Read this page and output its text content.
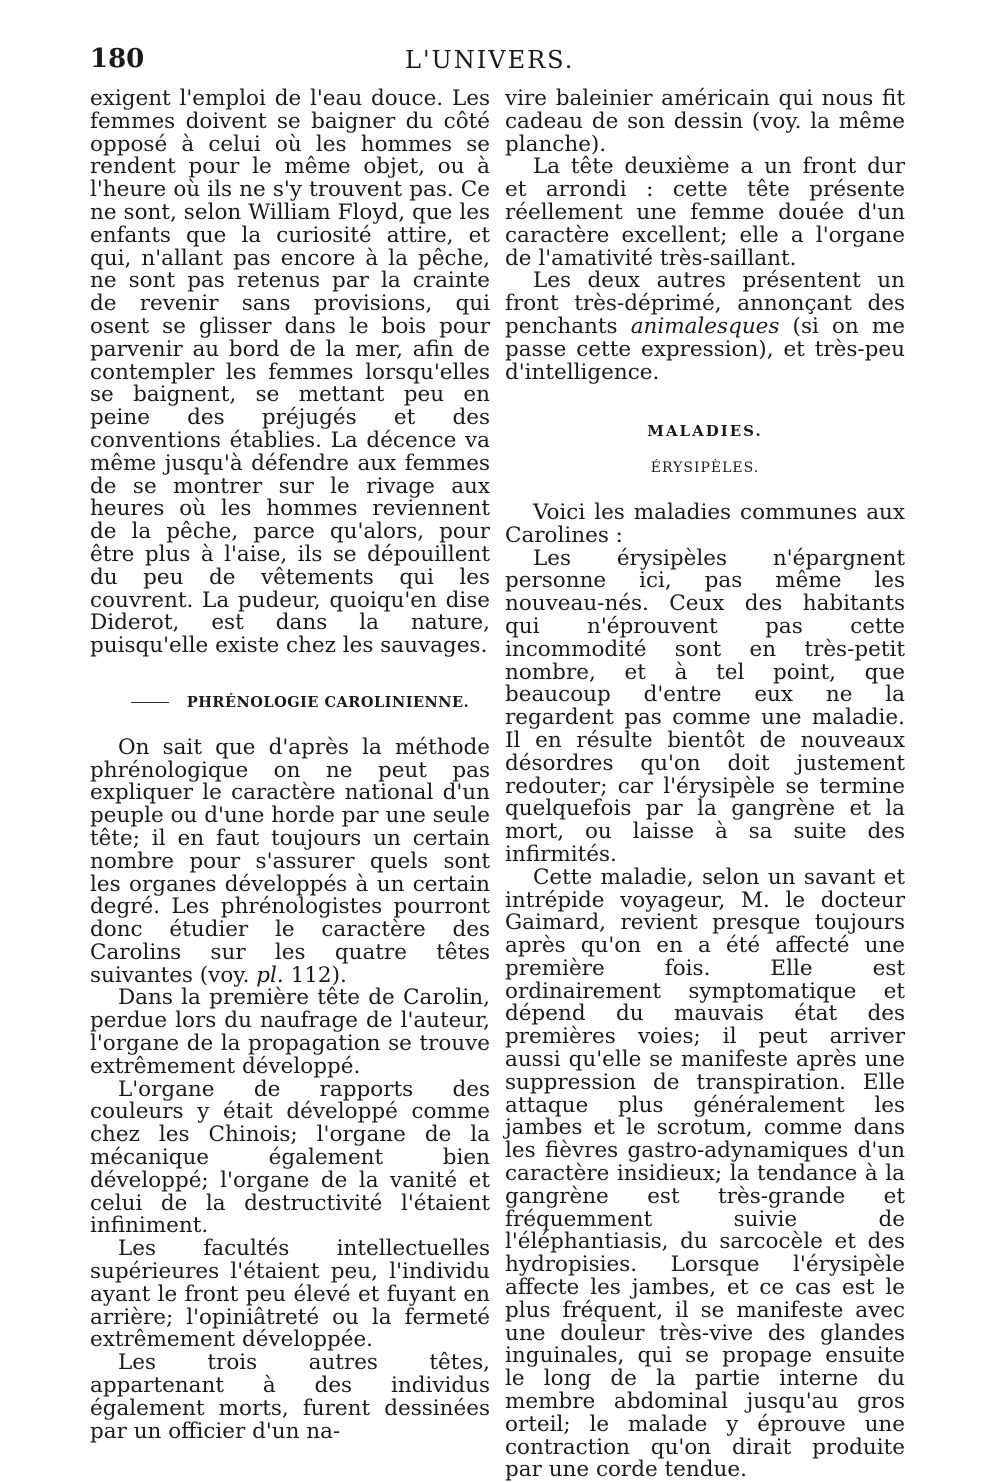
180	L'UNIVERS.

exigent l'emploi de l'eau douce. Les femmes doivent se baigner du côté opposé à celui où les hommes se rendent pour le même objet, ou à l'heure où ils ne s'y trouvent pas. Ce ne sont, selon William Floyd, que les enfants que la curiosité attire, et qui, n'allant pas encore à la pêche, ne sont pas retenus par la crainte de revenir sans provisions, qui osent se glisser dans le bois pour parvenir au bord de la mer, afin de contempler les femmes lorsqu'elles se baignent, se mettant peu en peine des préjugés et des conventions établies. La décence va même jusqu'à défendre aux femmes de se montrer sur le rivage aux heures où les hommes reviennent de la pêche, parce qu'alors, pour être plus à l'aise, ils se dépouillent du peu de vêtements qui les couvrent. La pudeur, quoiqu'en dise Diderot, est dans la nature, puisqu'elle existe chez les sauvages.

PHRÉNOLOGIE CAROLINIENNE.

On sait que d'après la méthode phrénologique on ne peut pas expliquer le caractère national d'un peuple ou d'une horde par une seule tête; il en faut toujours un certain nombre pour s'assurer quels sont les organes développés à un certain degré. Les phrénologistes pourront donc étudier le caractère des Carolins sur les quatre têtes suivantes (voy. pl. 112).

Dans la première tête de Carolin, perdue lors du naufrage de l'auteur, l'organe de la propagation se trouve extrêmement développé.

L'organe de rapports des couleurs y était développé comme chez les Chinois; l'organe de la mécanique également bien développé; l'organe de la vanité et celui de la destructivité l'étaient infiniment.

Les facultés intellectuelles supérieures l'étaient peu, l'individu ayant le front peu élevé et fuyant en arrière; l'opiniâtreté ou la fermeté extrêmement développée.

Les trois autres têtes, appartenant à des individus également morts, furent dessinées par un officier d'un na-

vire baleinier américain qui nous fit cadeau de son dessin (voy. la même planche).

La tête deuxième a un front dur et arrondi : cette tête présente réellement une femme douée d'un caractère excellent; elle a l'organe de l'amativité très-saillant.

Les deux autres présentent un front très-déprimé, annonçant des penchants animalesques (si on me passe cette expression), et très-peu d'intelligence.

MALADIES.

ÉRYSIPÈLES.

Voici les maladies communes aux Carolines :

Les érysipèles n'épargnent personne ici, pas même les nouveau-nés. Ceux des habitants qui n'éprouvent pas cette incommodité sont en très-petit nombre, et à tel point, que beaucoup d'entre eux ne la regardent pas comme une maladie. Il en résulte bientôt de nouveaux désordres qu'on doit justement redouter; car l'érysipèle se termine quelquefois par la gangrène et la mort, ou laisse à sa suite des infirmités.

Cette maladie, selon un savant et intrépide voyageur, M. le docteur Gaimard, revient presque toujours après qu'on en a été affecté une première fois. Elle est ordinairement symptomatique et dépend du mauvais état des premières voies; il peut arriver aussi qu'elle se manifeste après une suppression de transpiration. Elle attaque plus généralement les jambes et le scrotum, comme dans les fièvres gastro-adynamiques d'un caractère insidieux; la tendance à la gangrène est très-grande et fréquemment suivie de l'éléphantiasis, du sarcocèle et des hydropisies. Lorsque l'érysipèle affecte les jambes, et ce cas est le plus fréquent, il se manifeste avec une douleur très-vive des glandes inguinales, qui se propage ensuite le long de la partie interne du membre abdominal jusqu'au gros orteil; le malade y éprouve une contraction qu'on dirait produite par une corde tendue.
